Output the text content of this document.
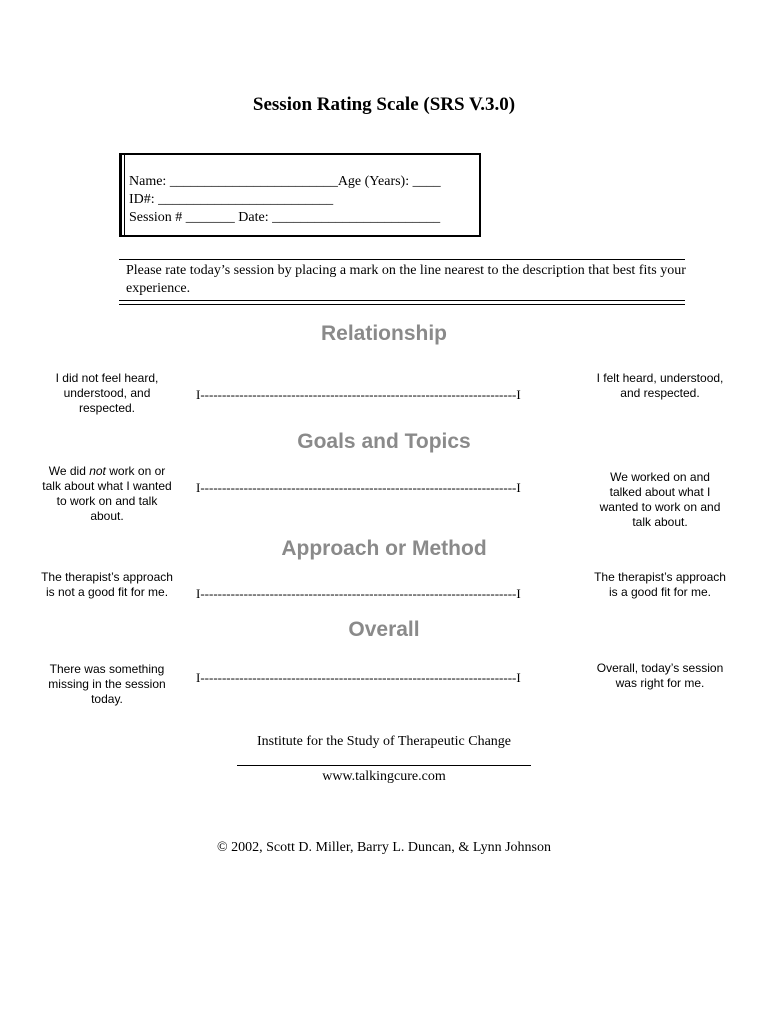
Session Rating Scale (SRS V.3.0)
Name: ________________________Age (Years): ____
ID#: _________________________
Session # _______ Date: ________________________
Please rate today’s session by placing a mark on the line nearest to the description that best fits your experience.
Relationship
I did not feel heard, understood, and respected.
I-------------------------------------------------------------------------I
I felt heard, understood, and respected.
Goals and Topics
We did not work on or talk about what I wanted to work on and talk about.
I-------------------------------------------------------------------------I
We worked on and talked about what I wanted to work on and talk about.
Approach or Method
The therapist’s approach is not a good fit for me.	I-------------------------------------------------------------------------I
The therapist’s approach is a good fit for me.
Overall
There was something missing in the session today.
I-------------------------------------------------------------------------I
Overall, today’s session was right for me.
Institute for the Study of Therapeutic Change
www.talkingcure.com
© 2002, Scott D. Miller, Barry L. Duncan, & Lynn Johnson
